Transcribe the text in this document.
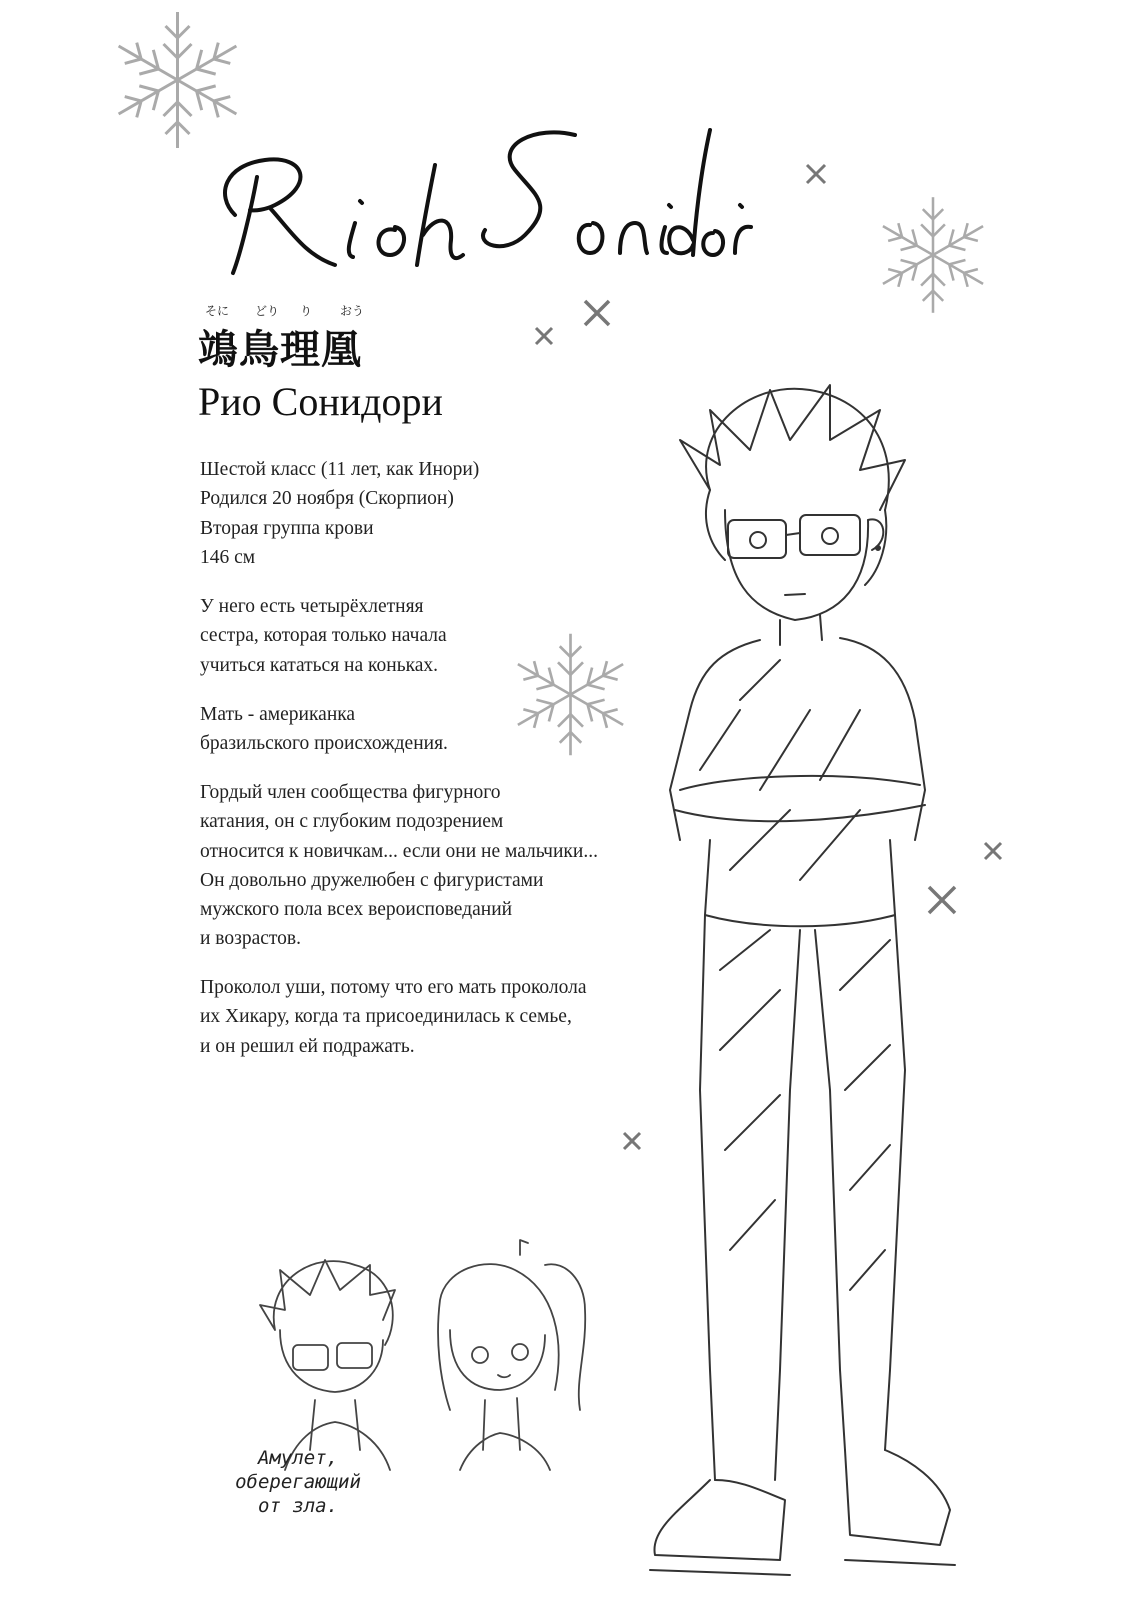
Rioh Sonidori
そに どり り おう
鴗鳥理凰
Рио Сонидори

Шестой класс (11 лет, как Инори)

Родился 20 ноября (Скорпион)

Вторая группа крови

146 см

У него есть четырёхлетняя

сестра, которая только начала

учиться кататься на коньках.

Мать - американка

бразильского происхождения.

Гордый член сообщества фигурного

катания, он с глубоким подозрением

относится к новичкам... если они не мальчики...

Он довольно дружелюбен с фигуристами

мужского пола всех вероисповеданий

и возрастов.

Проколол уши, потому что его мать проколола

их Хикару, когда та присоединилась к семье,

и он решил ей подражать.

Амулет,
оберегающий
от зла.
